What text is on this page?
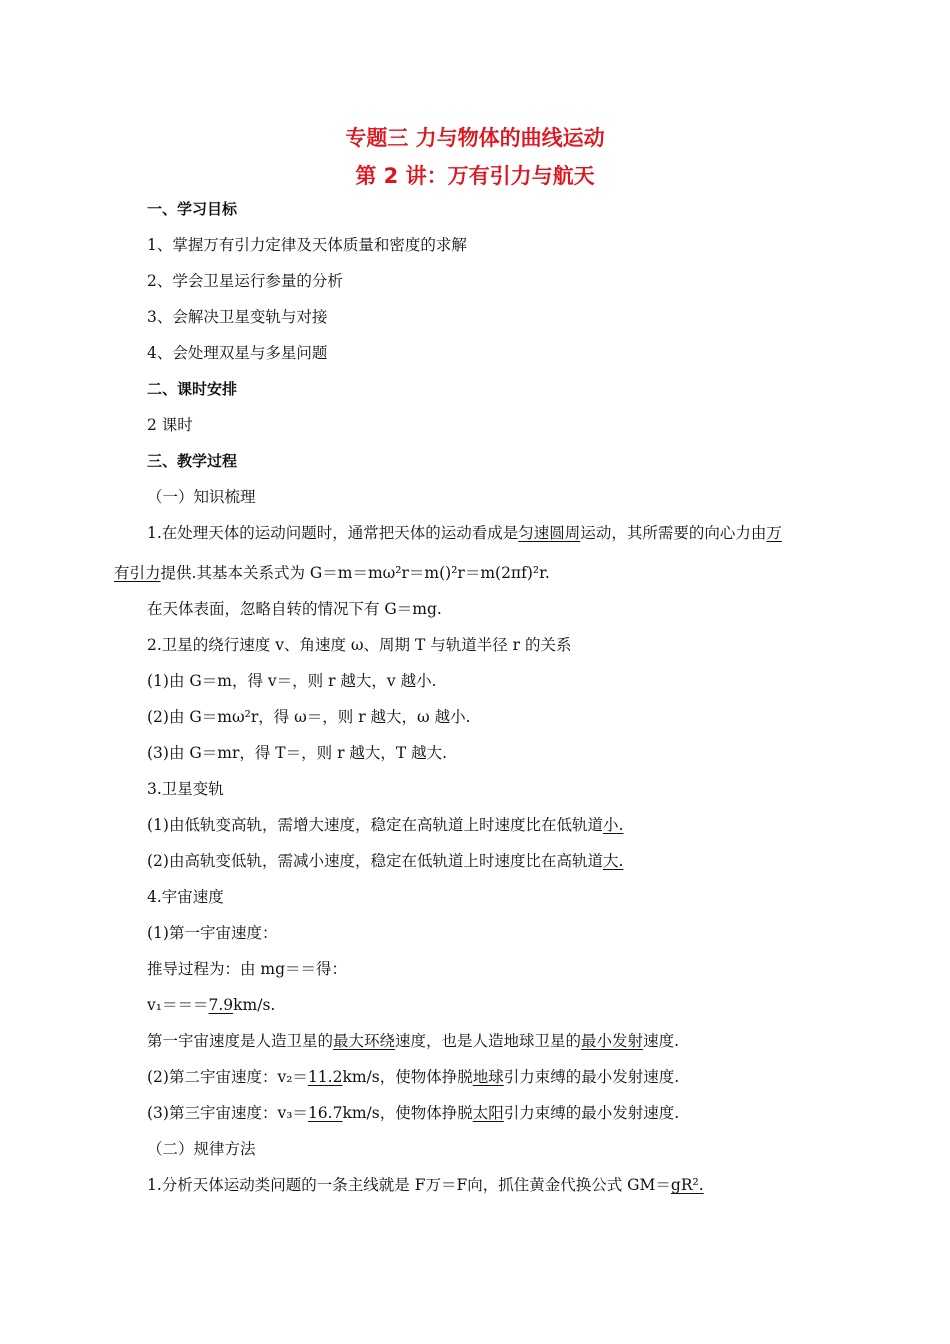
专题三 力与物体的曲线运动
第 2 讲：万有引力与航天
一、学习目标
1、掌握万有引力定律及天体质量和密度的求解
2、学会卫星运行参量的分析
3、会解决卫星变轨与对接
4、会处理双星与多星问题
二、课时安排
2 课时
三、教学过程
（一）知识梳理
1.在处理天体的运动问题时，通常把天体的运动看成是匀速圆周运动，其所需要的向心力由万
有引力提供.其基本关系式为 G＝m＝mω²r＝m()²r＝m(2πf)²r.
在天体表面，忽略自转的情况下有 G＝mg.
2.卫星的绕行速度 v、角速度 ω、周期 T 与轨道半径 r 的关系
(1)由 G＝m，得 v＝，则 r 越大，v 越小.
(2)由 G＝mω²r，得 ω＝，则 r 越大，ω 越小.
(3)由 G＝mr，得 T＝，则 r 越大，T 越大.
3.卫星变轨
(1)由低轨变高轨，需增大速度，稳定在高轨道上时速度比在低轨道小.
(2)由高轨变低轨，需减小速度，稳定在低轨道上时速度比在高轨道大.
4.宇宙速度
(1)第一宇宙速度：
推导过程为：由 mg＝＝得：
v₁＝＝＝7.9km/s.
第一宇宙速度是人造卫星的最大环绕速度，也是人造地球卫星的最小发射速度.
(2)第二宇宙速度：v₂＝11.2km/s，使物体挣脱地球引力束缚的最小发射速度.
(3)第三宇宙速度：v₃＝16.7km/s，使物体挣脱太阳引力束缚的最小发射速度.
（二）规律方法
1.分析天体运动类问题的一条主线就是 F万＝F向，抓住黄金代换公式 GM＝gR².
